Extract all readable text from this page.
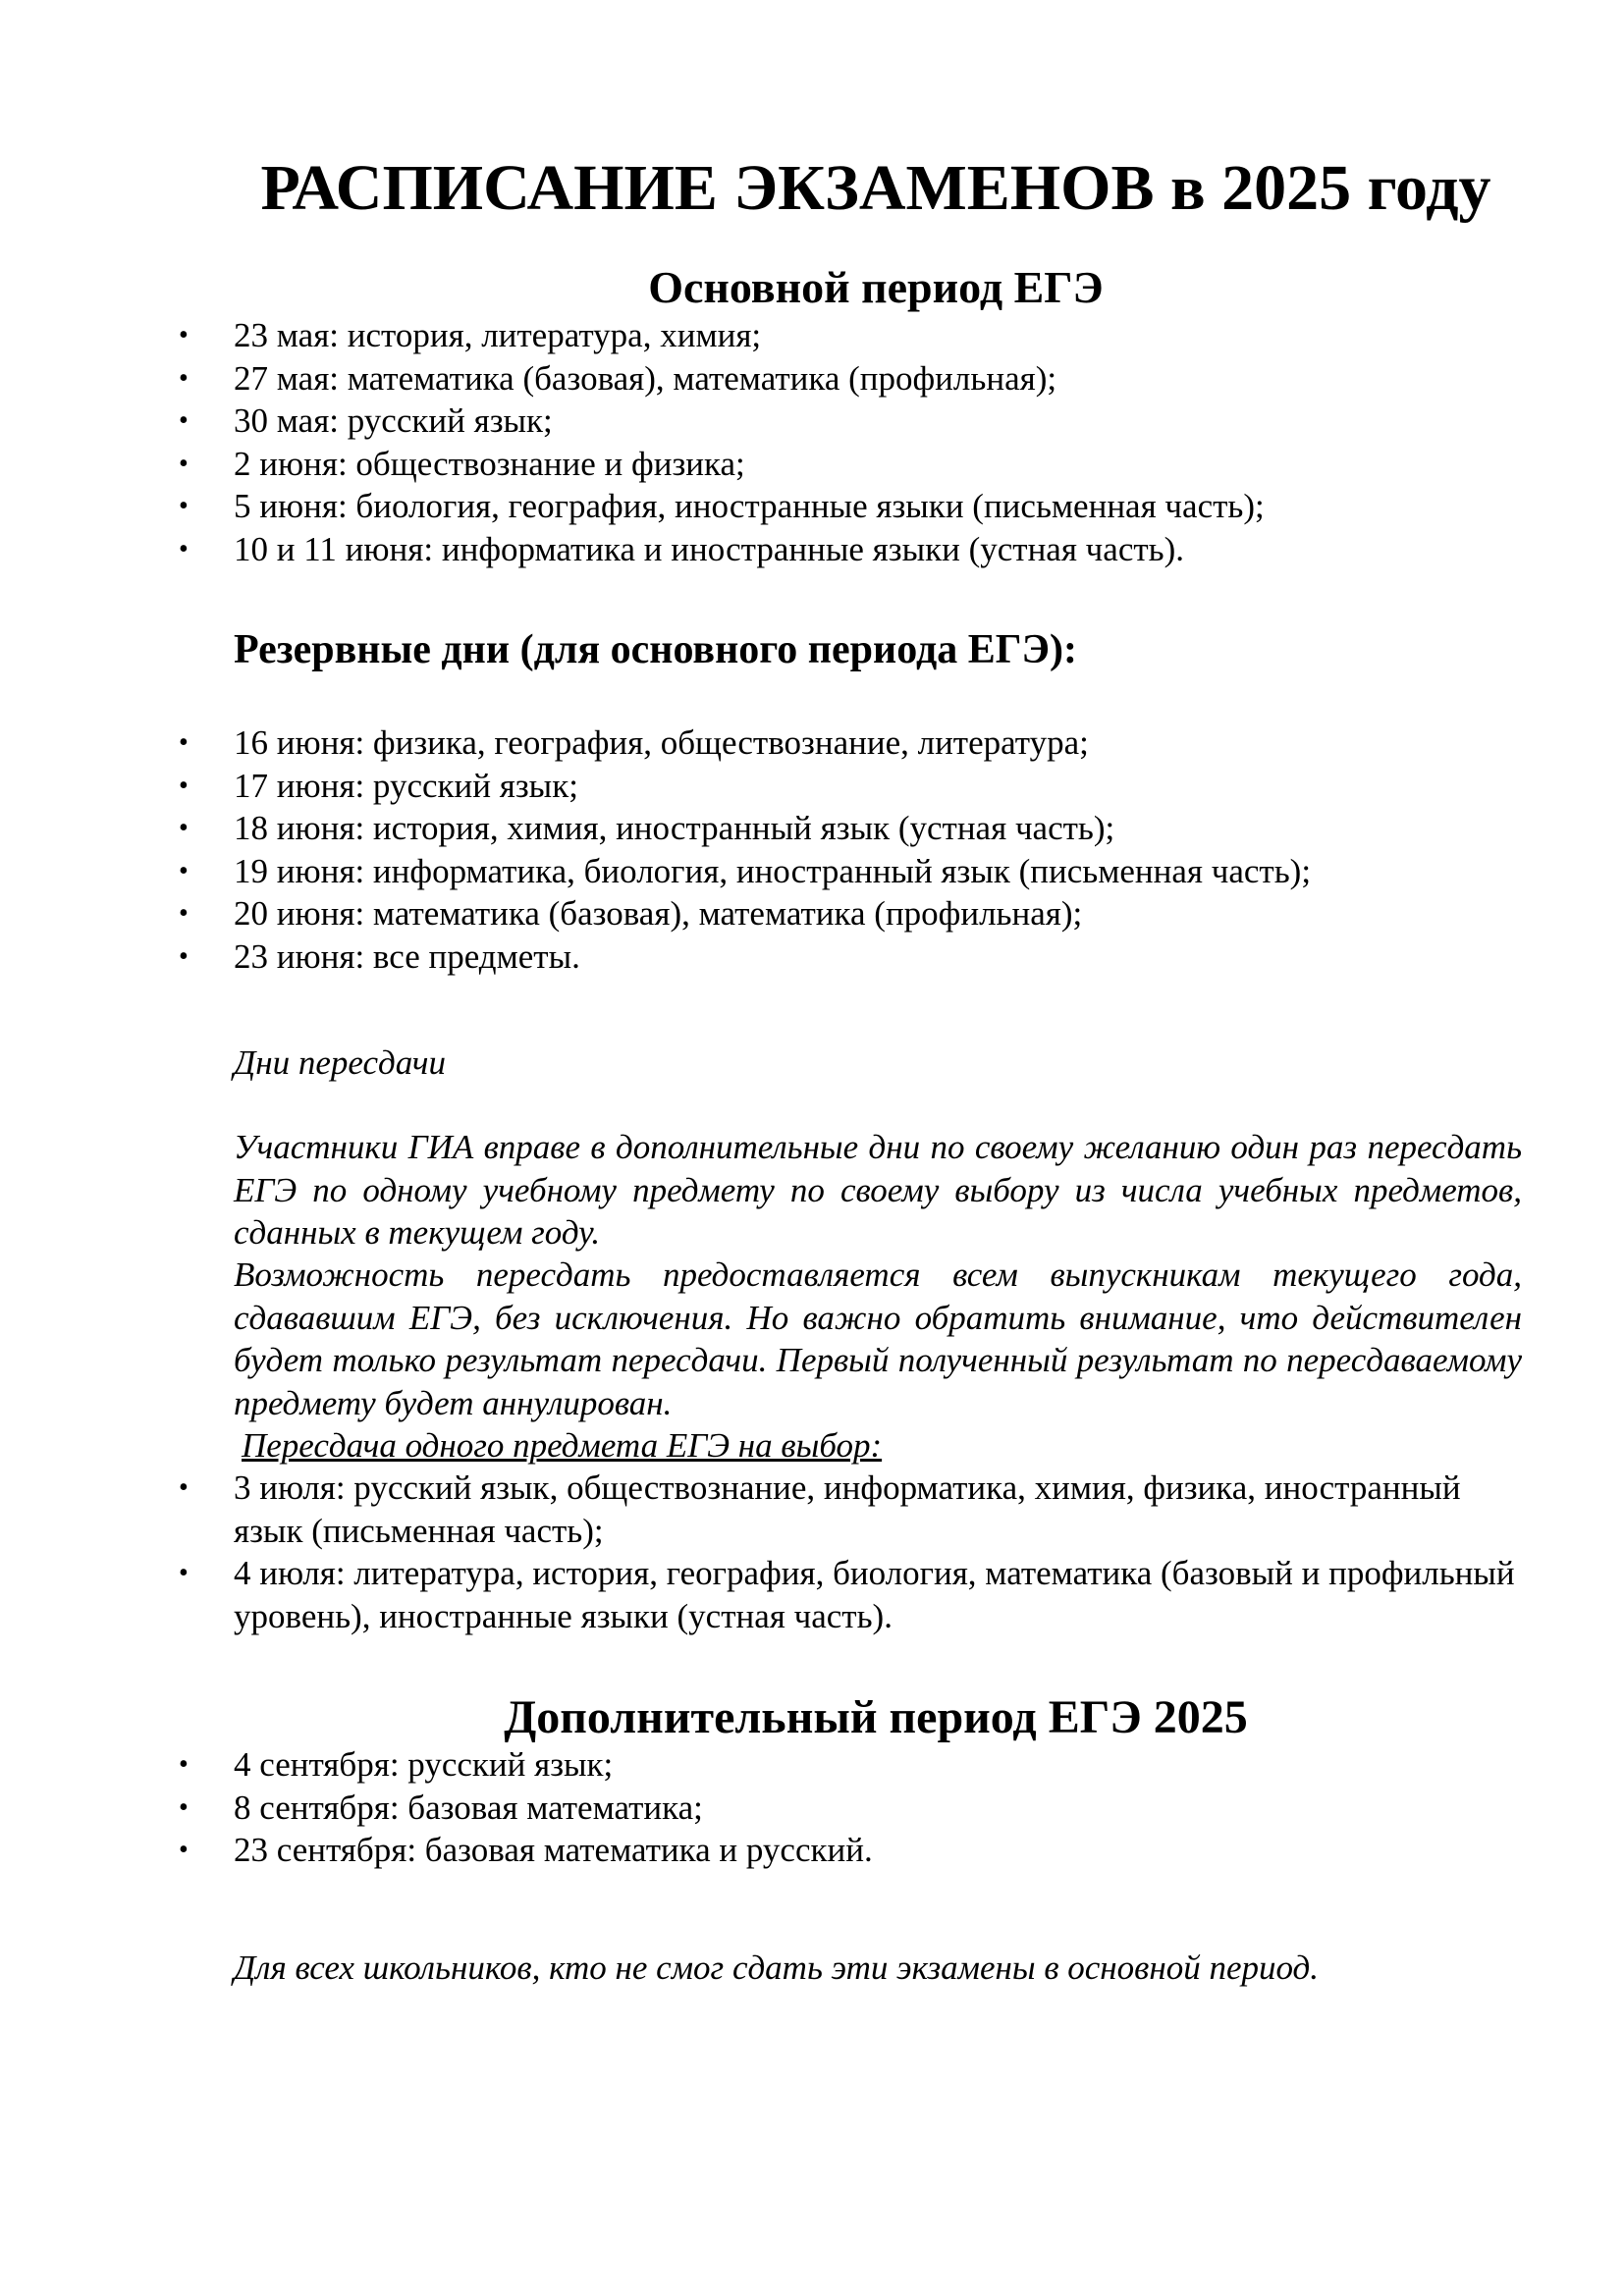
РАСПИСАНИЕ ЭКЗАМЕНОВ в 2025 году
Основной период ЕГЭ
• 23 мая: история, литература, химия;
• 27 мая: математика (базовая), математика (профильная);
• 30 мая: русский язык;
• 2 июня: обществознание и физика;
• 5 июня: биология, география, иностранные языки (письменная часть);
• 10 и 11 июня: информатика и иностранные языки (устная часть).
Резервные дни (для основного периода ЕГЭ):
• 16 июня: физика, география, обществознание, литература;
• 17 июня: русский язык;
• 18 июня: история, химия, иностранный язык (устная часть);
• 19 июня: информатика, биология, иностранный язык (письменная часть);
• 20 июня: математика (базовая), математика (профильная);
• 23 июня: все предметы.

Дни пересдачи

Участники ГИА вправе в дополнительные дни по своему желанию один раз пересдать ЕГЭ по одному учебному предмету по своему выбору из числа учебных предметов, сданных в текущем году.

Возможность пересдать предоставляется всем выпускникам текущего года, сдававшим ЕГЭ, без исключения. Но важно обратить внимание, что действителен будет только результат пересдачи. Первый полученный результат по пересдаваемому предмету будет аннулирован.

Пересдача одного предмета ЕГЭ на выбор:

• 3 июля: русский язык, обществознание, информатика, химия, физика, иностранный язык (письменная часть);
• 4 июля: литература, история, география, биология, математика (базовый и профильный уровень), иностранные языки (устная часть).
Дополнительный период ЕГЭ 2025
• 4 сентября: русский язык;
• 8 сентября: базовая математика;
• 23 сентября: базовая математика и русский.

Для всех школьников, кто не смог сдать эти экзамены в основной период.
